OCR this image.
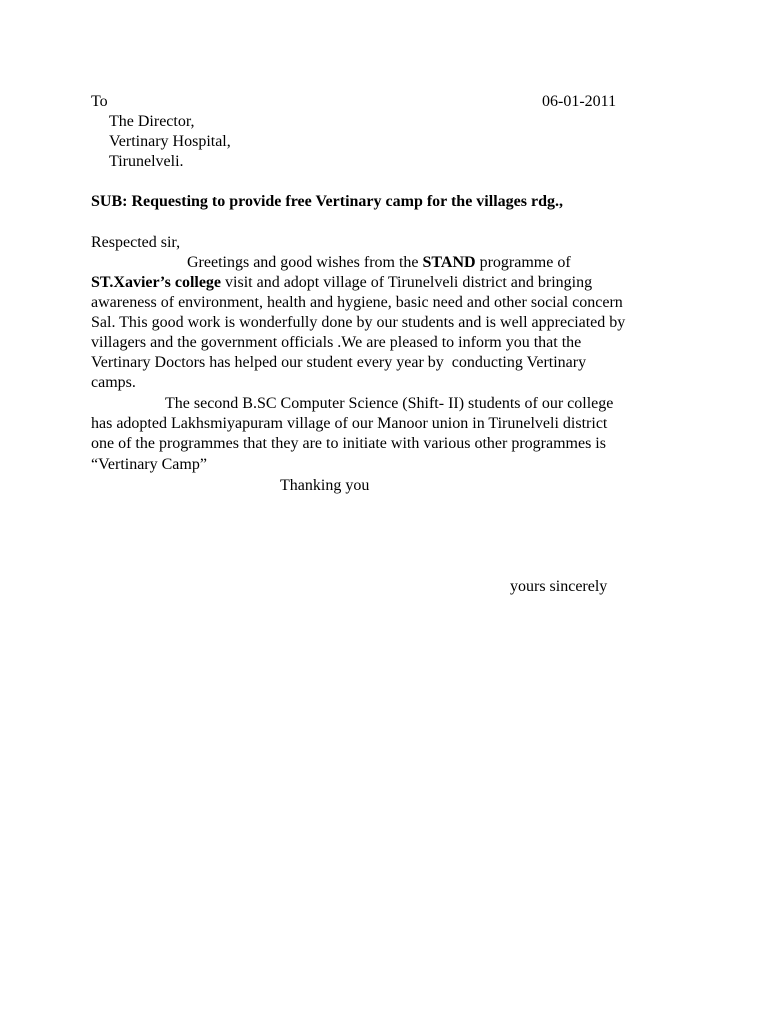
To	06-01-2011
The Director,
Vertinary Hospital,
Tirunelveli.
SUB: Requesting to provide free Vertinary camp for the villages rdg.,
Respected sir,
Greetings and good wishes from the STAND programme of
ST.Xavier’s college visit and adopt village of Tirunelveli district and bringing
awareness of environment, health and hygiene, basic need and other social concern
Sal. This good work is wonderfully done by our students and is well appreciated by
villagers and the government officials .We are pleased to inform you that the
Vertinary Doctors has helped our student every year by  conducting Vertinary
camps.
The second B.SC Computer Science (Shift- II) students of our college
has adopted Lakhsmiyapuram village of our Manoor union in Tirunelveli district
one of the programmes that they are to initiate with various other programmes is
“Vertinary Camp”
Thanking you
yours sincerely
